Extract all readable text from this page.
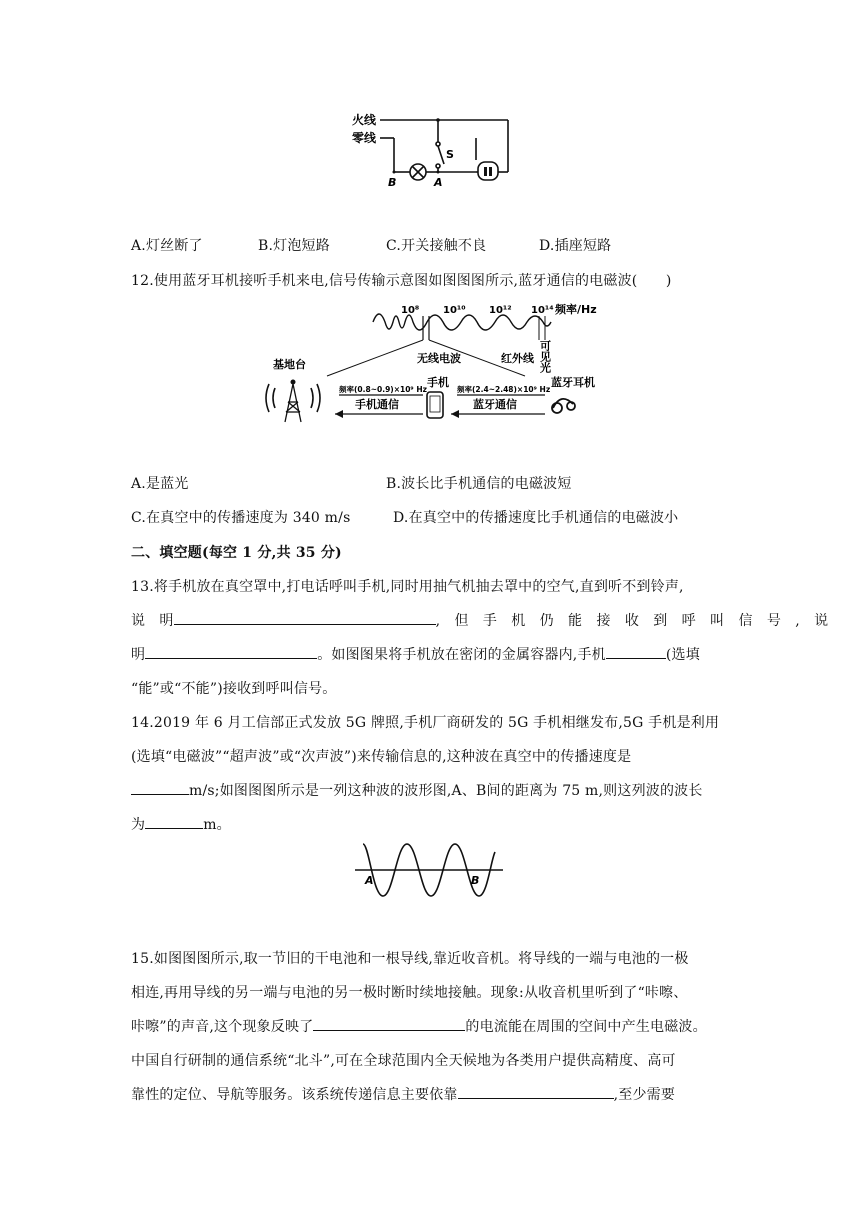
火线
零线
S
B	A
A.灯丝断了	B.灯泡短路	C.开关接触不良	D.插座短路
12.使用蓝牙耳机接听手机来电,信号传输示意图如图图图所示,蓝牙通信的电磁波(　　)
10⁸ 10¹⁰ 10¹² 10¹⁴ 频率/Hz
无线电波	红外线 可见光
基地台
手机	蓝牙耳机
频率(0.8~0.9)×10⁹ Hz	频率(2.4~2.48)×10⁹ Hz
手机通信	蓝牙通信
A.是蓝光	B.波长比手机通信的电磁波短
C.在真空中的传播速度为 340 m/s	D.在真空中的传播速度比手机通信的电磁波小
二、填空题(每空 1 分,共 35 分)
13.将手机放在真空罩中,打电话呼叫手机,同时用抽气机抽去罩中的空气,直到听不到铃声,
说　明	,　但　手　机　仍　能　接　收　到　呼　叫　信　号　,　说
明	。如图图果将手机放在密闭的金属容器内,手机	(选填
“能”或“不能”)接收到呼叫信号。
14.2019 年 6 月工信部正式发放 5G 牌照,手机厂商研发的 5G 手机相继发布,5G 手机是利用
(选填“电磁波”“超声波”或“次声波”)来传输信息的,这种波在真空中的传播速度是
m/s;如图图图所示是一列这种波的波形图,A、B间的距离为 75 m,则这列波的波长
为	m。
A	B
15.如图图图所示,取一节旧的干电池和一根导线,靠近收音机。将导线的一端与电池的一极
相连,再用导线的另一端与电池的另一极时断时续地接触。现象:从收音机里听到了“咔嚓、
咔嚓”的声音,这个现象反映了	的电流能在周围的空间中产生电磁波。
中国自行研制的通信系统“北斗”,可在全球范围内全天候地为各类用户提供高精度、高可
靠性的定位、导航等服务。该系统传递信息主要依靠	,至少需要
